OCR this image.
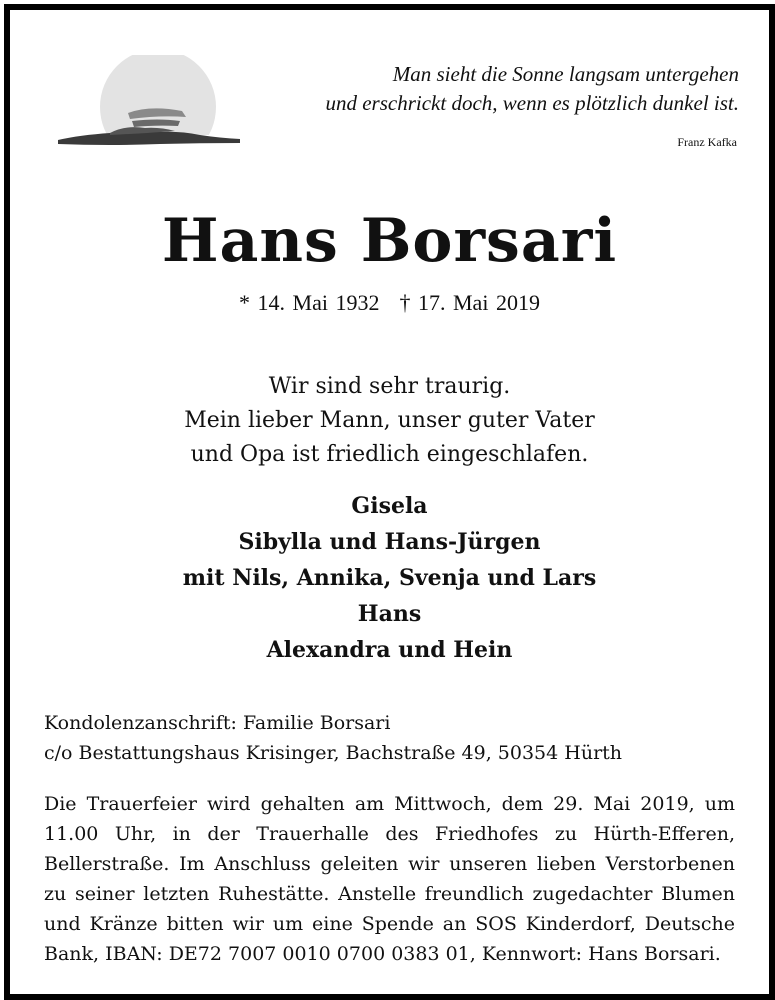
Man sieht die Sonne langsam untergehen
und erschrickt doch, wenn es plötzlich dunkel ist.
Franz Kafka
Hans Borsari
* 14. Mai 1932 † 17. Mai 2019
Wir sind sehr traurig.
Mein lieber Mann, unser guter Vater
und Opa ist friedlich eingeschlafen.
Gisela
Sibylla und Hans-Jürgen
mit Nils, Annika, Svenja und Lars
Hans
Alexandra und Hein
Kondolenzanschrift: Familie Borsari
c/o Bestattungshaus Krisinger, Bachstraße 49, 50354 Hürth
Die Trauerfeier wird gehalten am Mittwoch, dem 29. Mai 2019, um 11.00 Uhr, in der Trauerhalle des Friedhofes zu Hürth-Efferen, Bellerstraße. Im Anschluss geleiten wir unseren lieben Verstorbenen zu seiner letzten Ruhestätte. Anstelle freundlich zugedachter Blumen und Kränze bitten wir um eine Spende an SOS Kinderdorf, Deutsche Bank, IBAN: DE72 7007 0010 0700 0383 01, Kennwort: Hans Borsari.
